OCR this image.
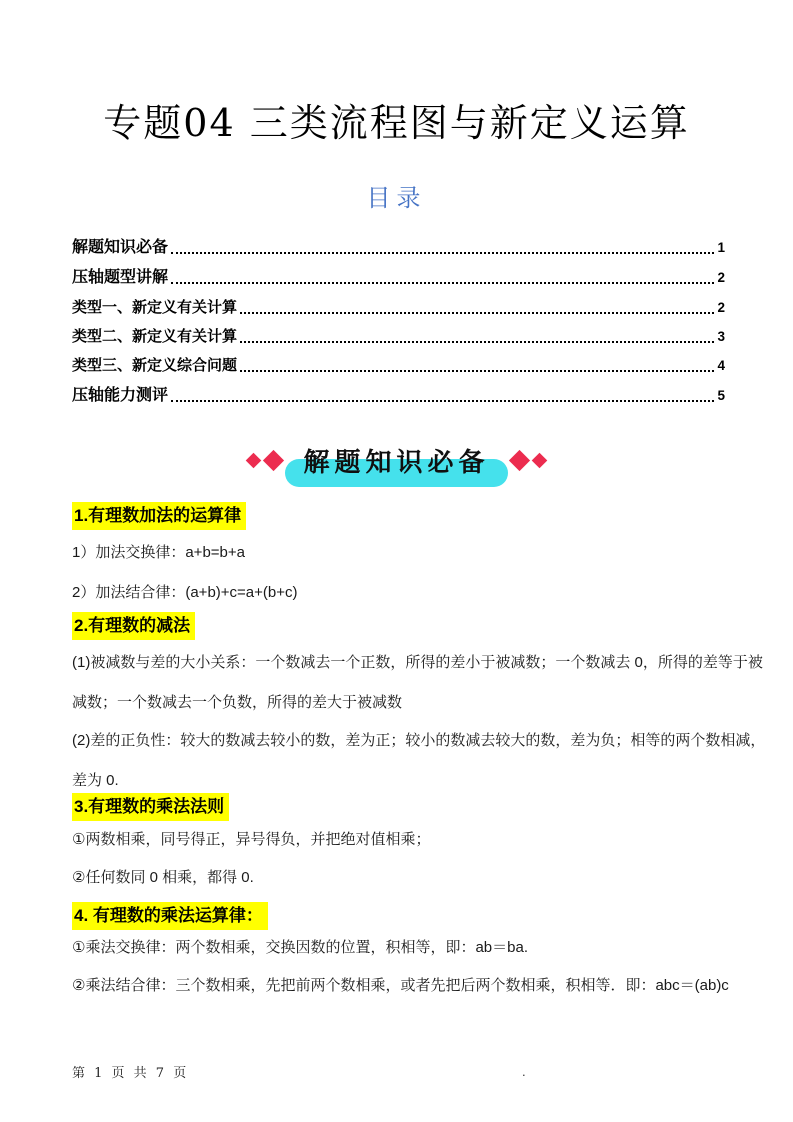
专题04 三类流程图与新定义运算
目录
解题知识必备	1
压轴题型讲解	2
类型一、新定义有关计算	2
类型二、新定义有关计算	3
类型三、新定义综合问题	4
压轴能力测评	5
解题知识必备
1.有理数加法的运算律
1）加法交换律：a+b=b+a
2）加法结合律：(a+b)+c=a+(b+c)
2.有理数的减法
(1)被减数与差的大小关系：一个数减去一个正数，所得的差小于被减数；一个数减去 0，所得的差等于被
减数；一个数减去一个负数，所得的差大于被减数
(2)差的正负性：较大的数减去较小的数，差为正；较小的数减去较大的数，差为负；相等的两个数相减，
差为 0.
3.有理数的乘法法则
①两数相乘，同号得正，异号得负，并把绝对值相乘；
②任何数同 0 相乘，都得 0.
4. 有理数的乘法运算律：
①乘法交换律：两个数相乘，交换因数的位置，积相等，即：ab＝ba.
②乘法结合律：三个数相乘，先把前两个数相乘，或者先把后两个数相乘，积相等．即：abc＝(ab)c
第 1 页 共 7 页	.
